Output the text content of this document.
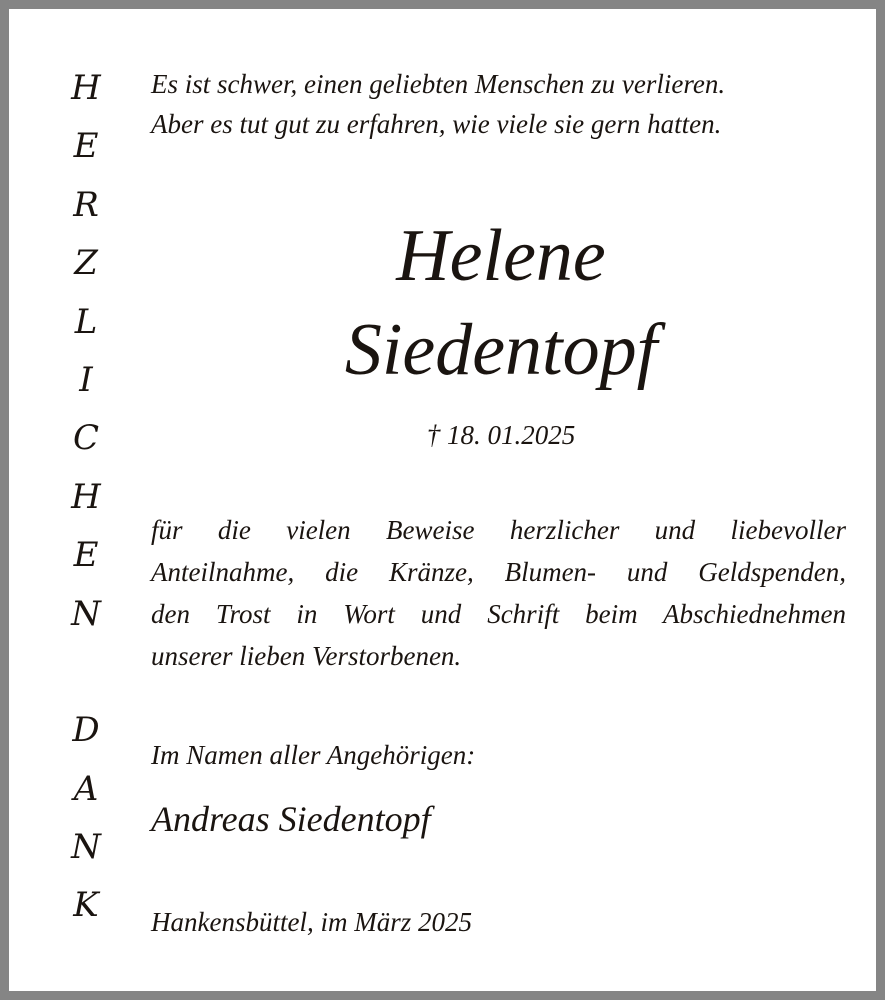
H
E
R
Z
L
I
C
H
E
N
D
A
N
K
Es ist schwer, einen geliebten Menschen zu verlieren.
Aber es tut gut zu erfahren, wie viele sie gern hatten.
Helene
Siedentopf
† 18. 01.2025
für die vielen Beweise herzlicher und liebevoller
Anteilnahme, die Kränze, Blumen- und Geldspenden,
den Trost in Wort und Schrift beim Abschiednehmen
unserer lieben Verstorbenen.
Im Namen aller Angehörigen:
Andreas Siedentopf
Hankensbüttel, im März 2025
